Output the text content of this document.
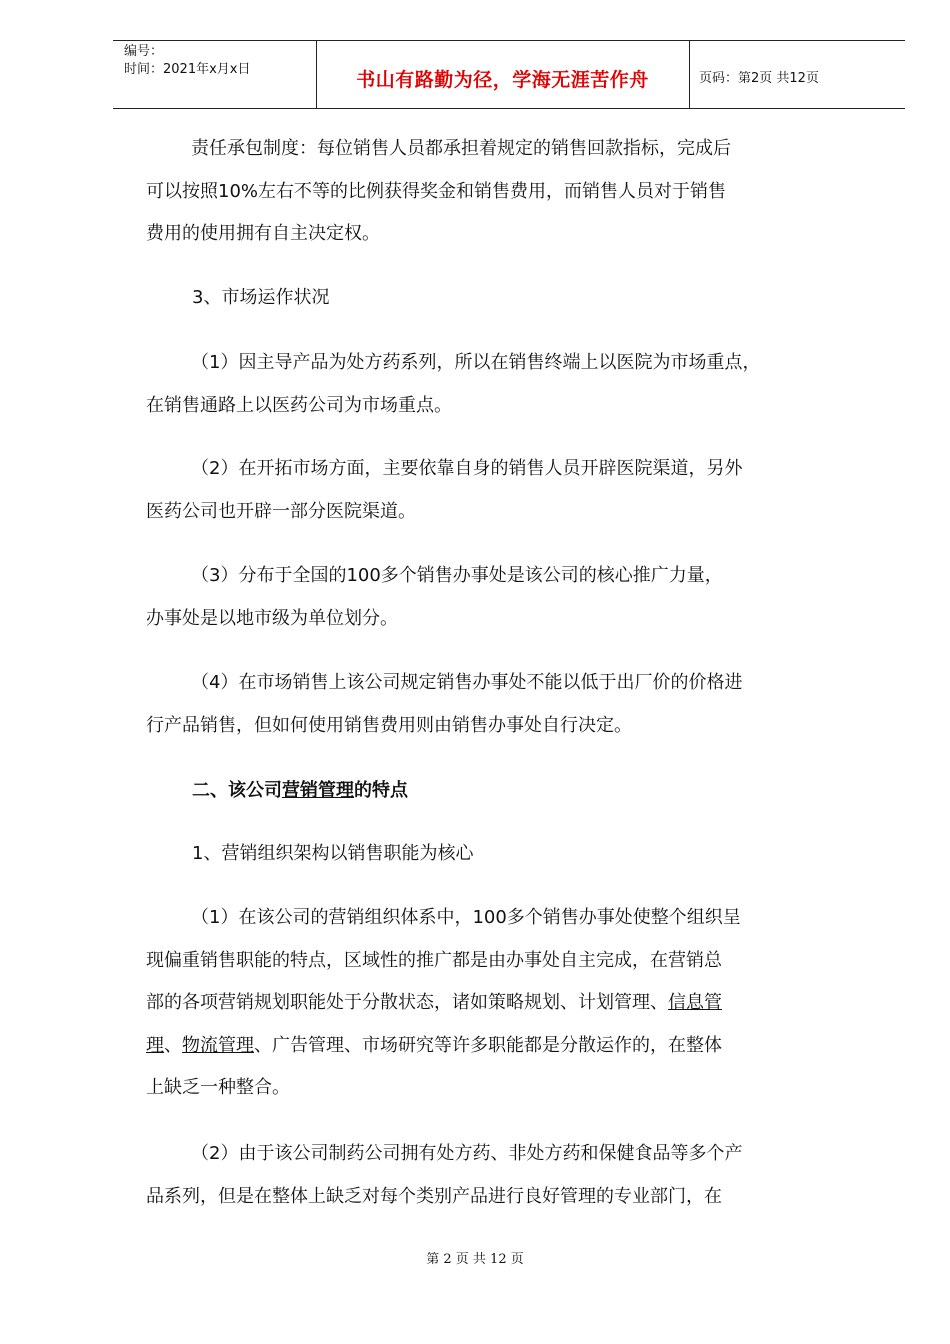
编号：
时间：2021年x月x日	书山有路勤为径，学海无涯苦作舟	页码：第2页 共12页
责任承包制度：每位销售人员都承担着规定的销售回款指标，完成后
可以按照10%左右不等的比例获得奖金和销售费用，而销售人员对于销售
费用的使用拥有自主决定权。
3、市场运作状况
（1）因主导产品为处方药系列，所以在销售终端上以医院为市场重点，
在销售通路上以医药公司为市场重点。
（2）在开拓市场方面，主要依靠自身的销售人员开辟医院渠道，另外
医药公司也开辟一部分医院渠道。
（3）分布于全国的100多个销售办事处是该公司的核心推广力量，
办事处是以地市级为单位划分。
（4）在市场销售上该公司规定销售办事处不能以低于出厂价的价格进
行产品销售，但如何使用销售费用则由销售办事处自行决定。
二、该公司营销管理的特点
1、营销组织架构以销售职能为核心
（1）在该公司的营销组织体系中，100多个销售办事处使整个组织呈
现偏重销售职能的特点，区域性的推广都是由办事处自主完成，在营销总
部的各项营销规划职能处于分散状态，诸如策略规划、计划管理、信息管
理、物流管理、广告管理、市场研究等许多职能都是分散运作的，在整体
上缺乏一种整合。
（2）由于该公司制药公司拥有处方药、非处方药和保健食品等多个产
品系列，但是在整体上缺乏对每个类别产品进行良好管理的专业部门，在
第 2 页 共 12 页
